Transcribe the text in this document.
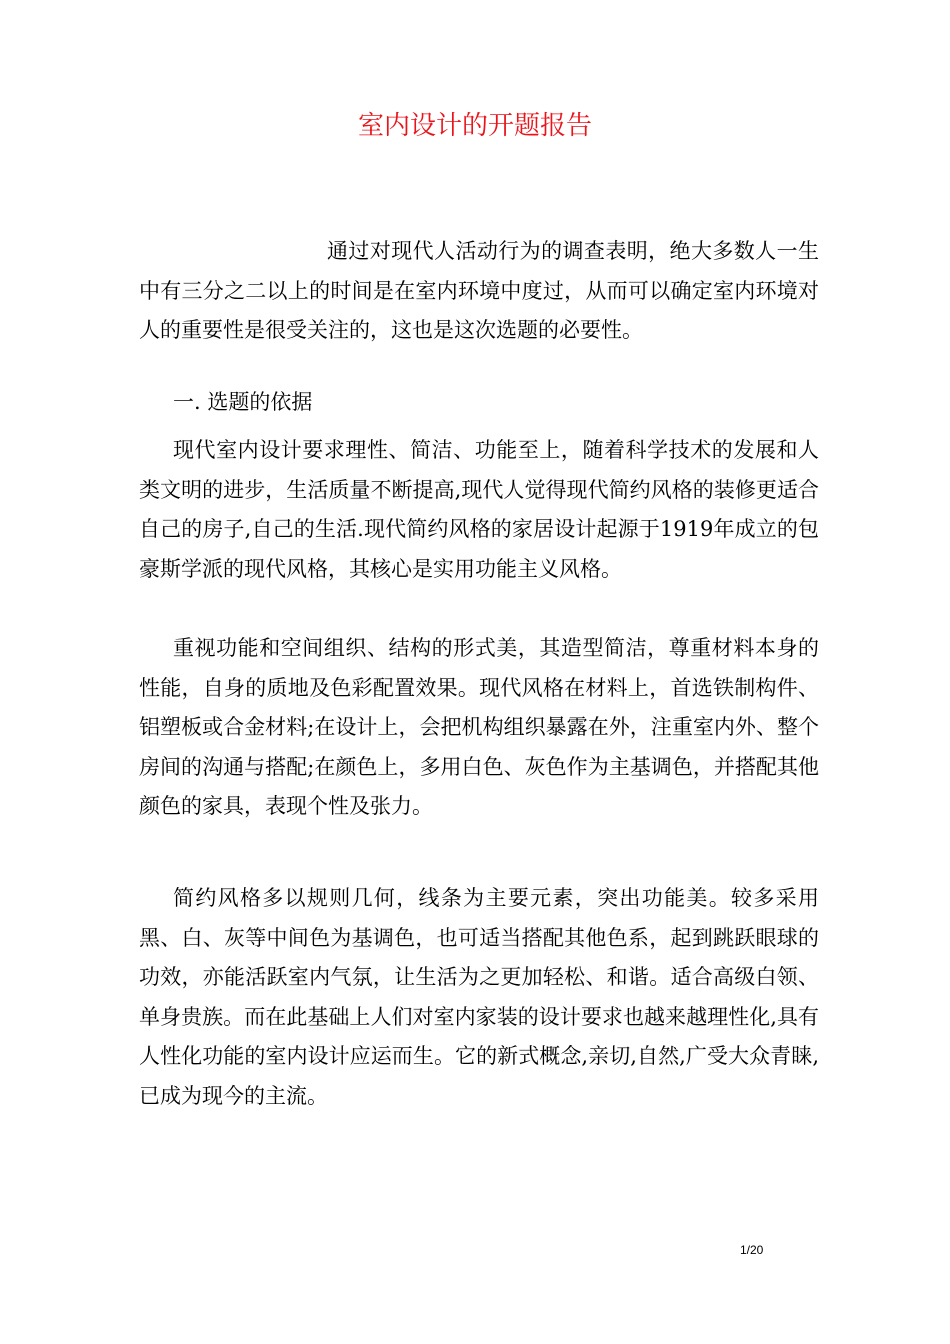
室内设计的开题报告

通过对现代人活动行为的调查表明，绝大多数人一生中有三分之二以上的时间是在室内环境中度过，从而可以确定室内环境对人的重要性是很受关注的，这也是这次选题的必要性。

一. 选题的依据

现代室内设计要求理性、简洁、功能至上，随着科学技术的发展和人类文明的进步，生活质量不断提高,现代人觉得现代简约风格的装修更适合自己的房子,自己的生活.现代简约风格的家居设计起源于1919年成立的包豪斯学派的现代风格，其核心是实用功能主义风格。

重视功能和空间组织、结构的形式美，其造型简洁，尊重材料本身的性能，自身的质地及色彩配置效果。现代风格在材料上，首选铁制构件、铝塑板或合金材料;在设计上，会把机构组织暴露在外，注重室内外、整个房间的沟通与搭配;在颜色上，多用白色、灰色作为主基调色，并搭配其他颜色的家具，表现个性及张力。

简约风格多以规则几何，线条为主要元素，突出功能美。较多采用黑、白、灰等中间色为基调色，也可适当搭配其他色系，起到跳跃眼球的功效，亦能活跃室内气氛，让生活为之更加轻松、和谐。适合高级白领、单身贵族。而在此基础上人们对室内家装的设计要求也越来越理性化,具有人性化功能的室内设计应运而生。它的新式概念,亲切,自然,广受大众青睐,已成为现今的主流。

1/20
